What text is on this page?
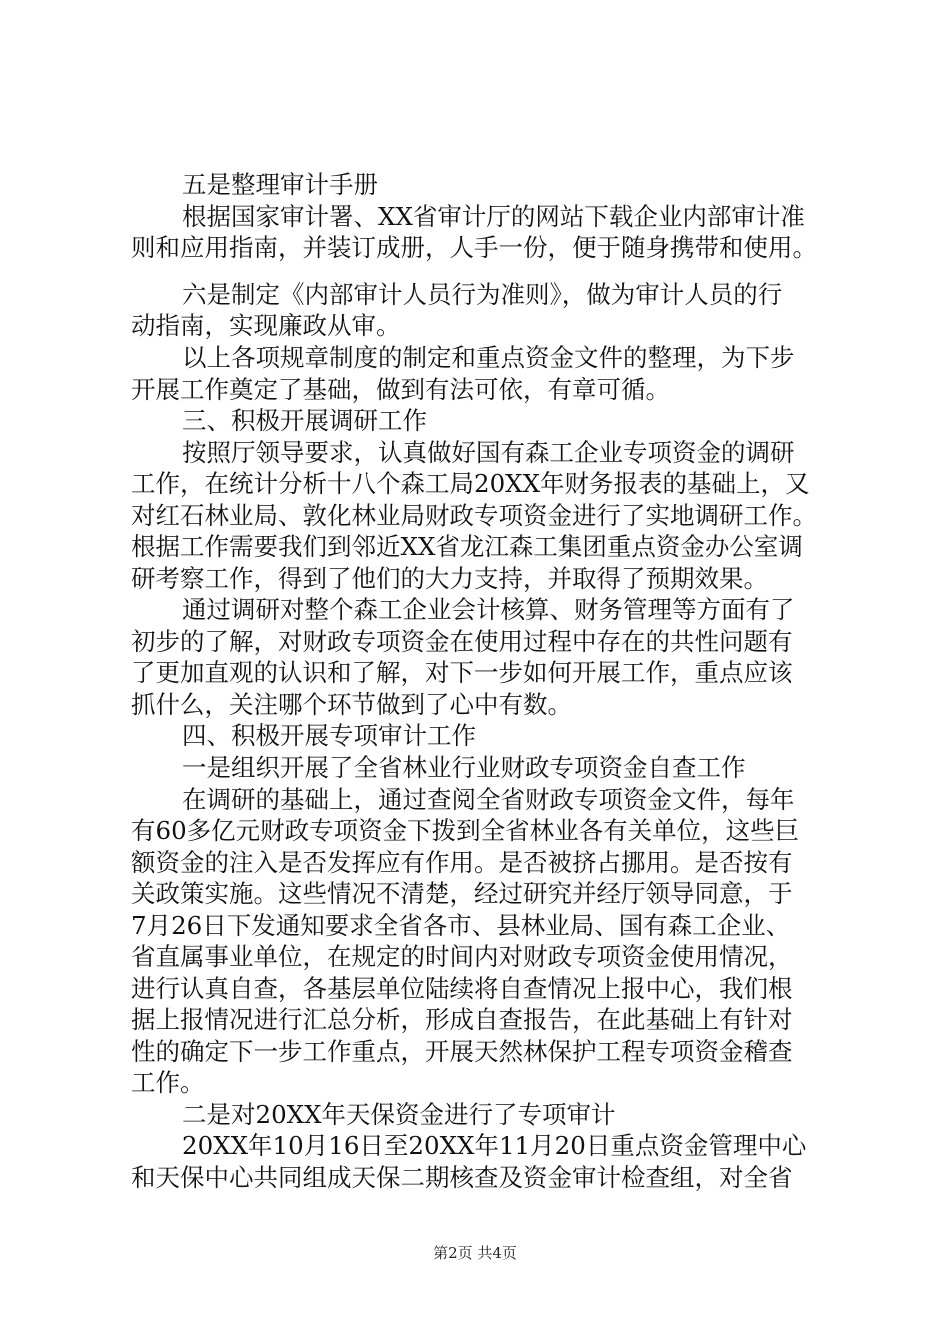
五是整理审计手册
根据国家审计署、XX省审计厅的网站下载企业内部审计准
则和应用指南，并装订成册，人手一份，便于随身携带和使用。
六是制定《内部审计人员行为准则》，做为审计人员的行
动指南，实现廉政从审。
以上各项规章制度的制定和重点资金文件的整理，为下步
开展工作奠定了基础，做到有法可依，有章可循。
三、积极开展调研工作
按照厅领导要求，认真做好国有森工企业专项资金的调研
工作，在统计分析十八个森工局20XX年财务报表的基础上，又
对红石林业局、敦化林业局财政专项资金进行了实地调研工作。
根据工作需要我们到邻近XX省龙江森工集团重点资金办公室调
研考察工作，得到了他们的大力支持，并取得了预期效果。
通过调研对整个森工企业会计核算、财务管理等方面有了
初步的了解，对财政专项资金在使用过程中存在的共性问题有
了更加直观的认识和了解，对下一步如何开展工作，重点应该
抓什么，关注哪个环节做到了心中有数。
四、积极开展专项审计工作
一是组织开展了全省林业行业财政专项资金自查工作
在调研的基础上，通过查阅全省财政专项资金文件，每年
有60多亿元财政专项资金下拨到全省林业各有关单位，这些巨
额资金的注入是否发挥应有作用。是否被挤占挪用。是否按有
关政策实施。这些情况不清楚，经过研究并经厅领导同意，于
7月26日下发通知要求全省各市、县林业局、国有森工企业、
省直属事业单位，在规定的时间内对财政专项资金使用情况，
进行认真自查，各基层单位陆续将自查情况上报中心，我们根
据上报情况进行汇总分析，形成自查报告，在此基础上有针对
性的确定下一步工作重点，开展天然林保护工程专项资金稽查
工作。
二是对20XX年天保资金进行了专项审计
20XX年10月16日至20XX年11月20日重点资金管理中心
和天保中心共同组成天保二期核查及资金审计检查组，对全省
第2页 共4页
